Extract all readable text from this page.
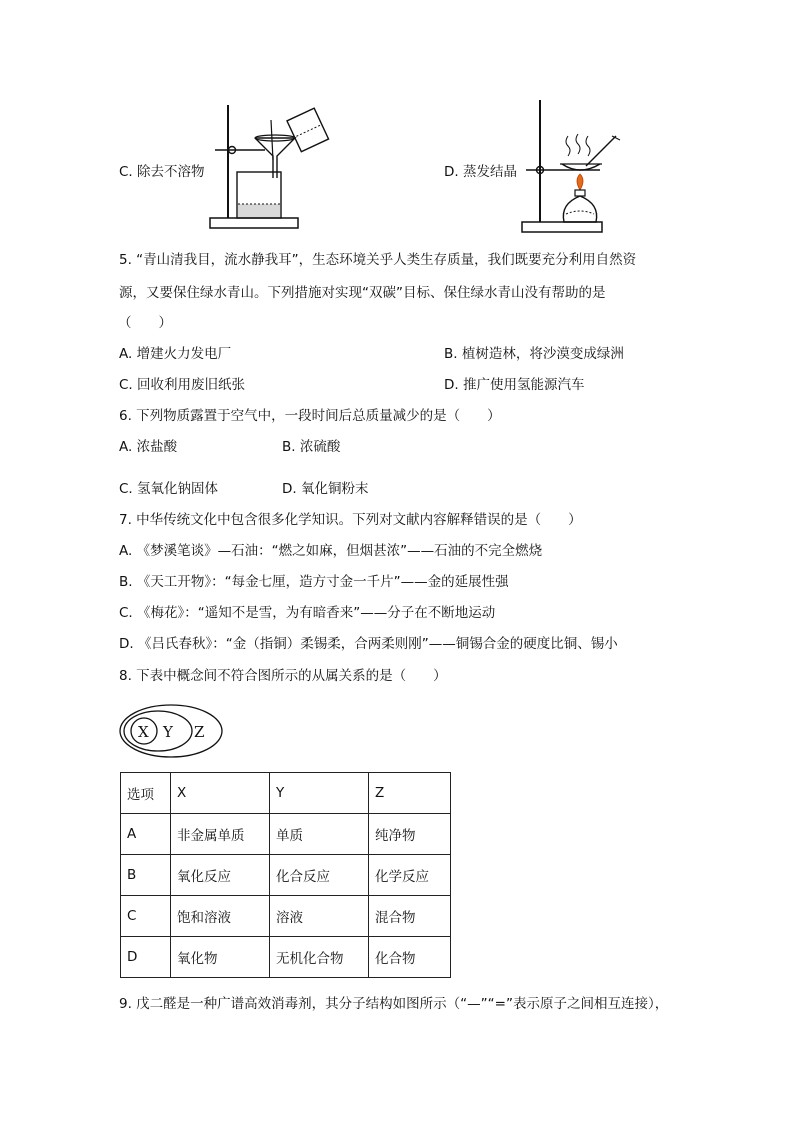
C. 除去不溶物	D. 蒸发结晶
5. “青山清我目，流水静我耳”，生态环境关乎人类生存质量，我们既要充分利用自然资
源，又要保住绿水青山。下列措施对实现“双碳”目标、保住绿水青山没有帮助的是
（　　）
A. 增建火力发电厂	B. 植树造林，将沙漠变成绿洲
C. 回收利用废旧纸张	D. 推广使用氢能源汽车
6. 下列物质露置于空气中，一段时间后总质量减少的是（　　）
A. 浓盐酸	B. 浓硫酸
C. 氢氧化钠固体	D. 氧化铜粉末
7. 中华传统文化中包含很多化学知识。下列对文献内容解释错误的是（　　）
A. 《梦溪笔谈》—石油：“燃之如麻，但烟甚浓”——石油的不完全燃烧
B. 《天工开物》：“每金七厘，造方寸金一千片”——金的延展性强
C. 《梅花》：“遥知不是雪，为有暗香来”——分子在不断地运动
D. 《吕氏春秋》：“金（指铜）柔锡柔，合两柔则刚”——铜锡合金的硬度比铜、锡小
8. 下表中概念间不符合图所示的从属关系的是（　　）
X Y Z
选项	X	Y	Z
A	非金属单质	单质	纯净物
B	氧化反应	化合反应	化学反应
C	饱和溶液	溶液	混合物
D	氧化物	无机化合物	化合物
9. 戊二醛是一种广谱高效消毒剂，其分子结构如图所示（“—”“=”表示原子之间相互连接），
